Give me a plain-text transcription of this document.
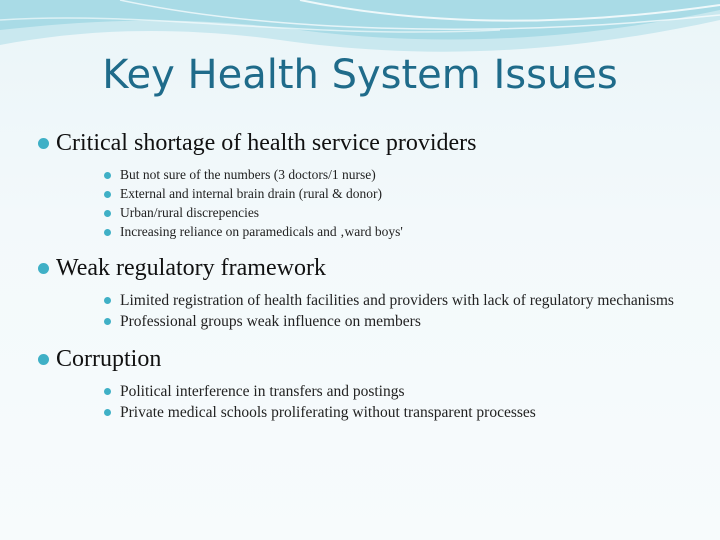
Key Health System Issues
Critical shortage of health service providers
But not sure of the numbers (3 doctors/1 nurse)
External and internal brain drain (rural & donor)
Urban/rural discrepencies
Increasing reliance on paramedicals and ‚ward boys'
Weak regulatory framework
Limited registration of health facilities and providers with lack of regulatory mechanisms
Professional groups weak influence on members
Corruption
Political interference in transfers and postings
Private medical schools proliferating without transparent processes
